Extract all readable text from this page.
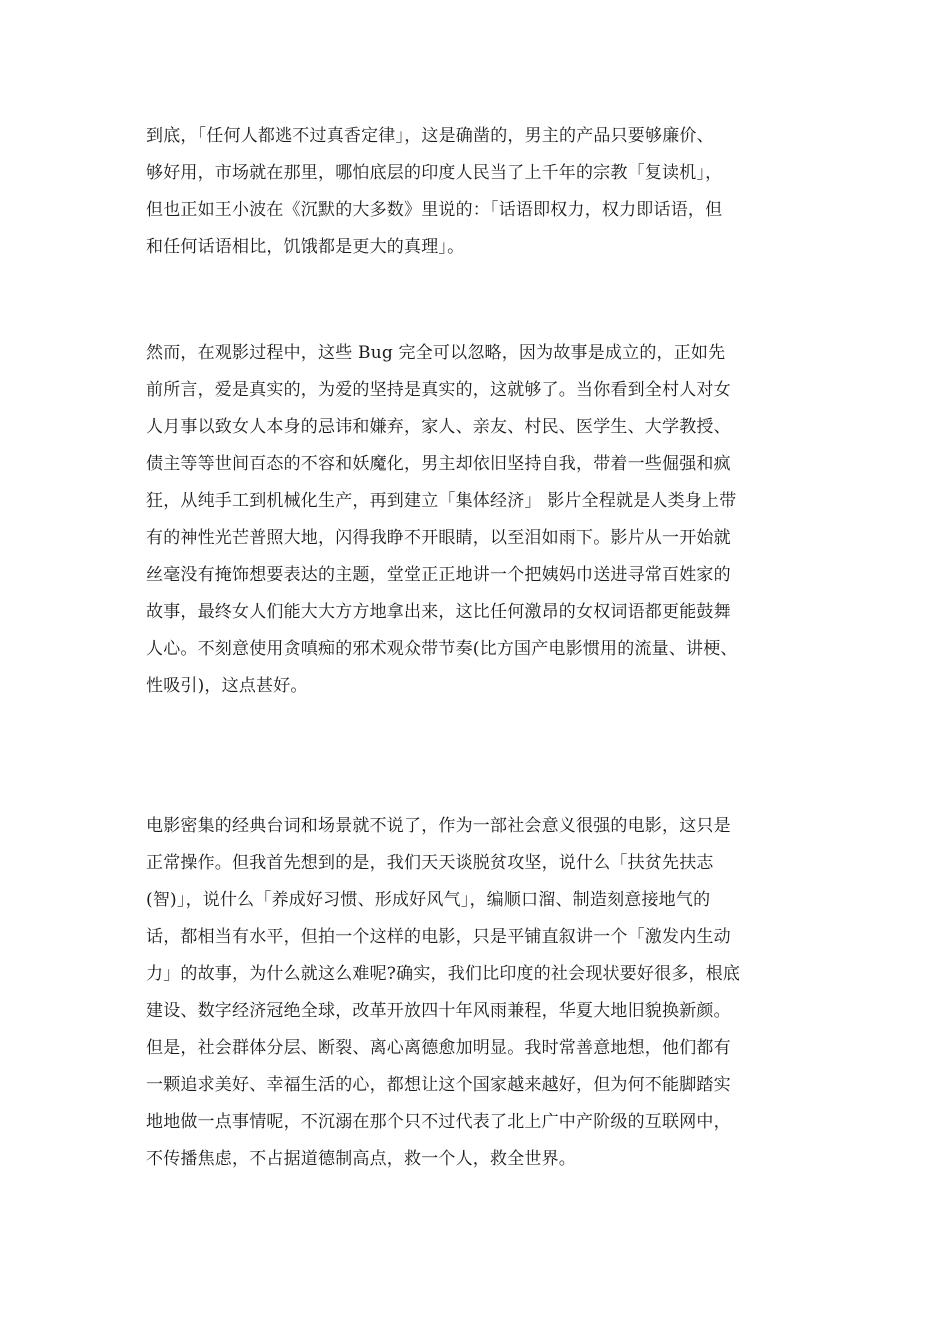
到底，「任何人都逃不过真香定律」，这是确凿的，男主的产品只要够廉价、
够好用，市场就在那里，哪怕底层的印度人民当了上千年的宗教「复读机」，
但也正如王小波在《沉默的大多数》里说的：「话语即权力，权力即话语，但
和任何话语相比，饥饿都是更大的真理」。
然而，在观影过程中，这些 Bug 完全可以忽略，因为故事是成立的，正如先
前所言，爱是真实的，为爱的坚持是真实的，这就够了。当你看到全村人对女
人月事以致女人本身的忌讳和嫌弃，家人、亲友、村民、医学生、大学教授、
债主等等世间百态的不容和妖魔化，男主却依旧坚持自我，带着一些倔强和疯
狂，从纯手工到机械化生产，再到建立「集体经济」 影片全程就是人类身上带
有的神性光芒普照大地，闪得我睁不开眼睛，以至泪如雨下。影片从一开始就
丝毫没有掩饰想要表达的主题，堂堂正正地讲一个把姨妈巾送进寻常百姓家的
故事，最终女人们能大大方方地拿出来，这比任何激昂的女权词语都更能鼓舞
人心。不刻意使用贪嗔痴的邪术观众带节奏(比方国产电影惯用的流量、讲梗、
性吸引)，这点甚好。
电影密集的经典台词和场景就不说了，作为一部社会意义很强的电影，这只是
正常操作。但我首先想到的是，我们天天谈脱贫攻坚，说什么「扶贫先扶志
(智)」，说什么「养成好习惯、形成好风气」，编顺口溜、制造刻意接地气的
话，都相当有水平，但拍一个这样的电影，只是平铺直叙讲一个「激发内生动
力」的故事，为什么就这么难呢?确实，我们比印度的社会现状要好很多，根底
建设、数字经济冠绝全球，改革开放四十年风雨兼程，华夏大地旧貌换新颜。
但是，社会群体分层、断裂、离心离德愈加明显。我时常善意地想，他们都有
一颗追求美好、幸福生活的心，都想让这个国家越来越好，但为何不能脚踏实
地地做一点事情呢，不沉溺在那个只不过代表了北上广中产阶级的互联网中，
不传播焦虑，不占据道德制高点，救一个人，救全世界。
